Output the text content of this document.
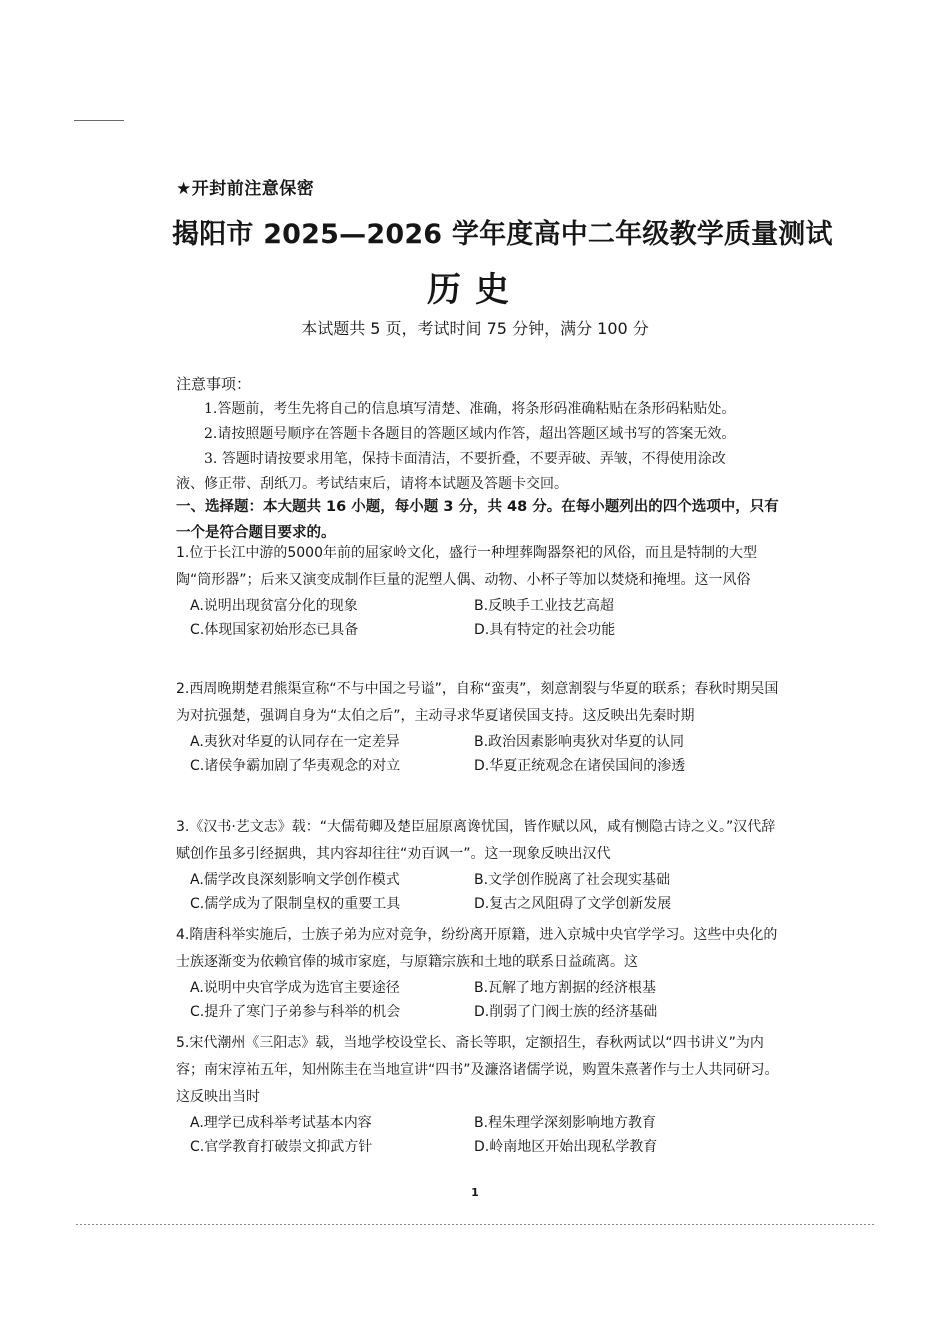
★开封前注意保密
揭阳市 2025—2026 学年度高中二年级教学质量测试
历史
本试题共 5 页，考试时间 75 分钟，满分 100 分
注意事项：
1.答题前，考生先将自己的信息填写清楚、准确，将条形码准确粘贴在条形码粘贴处。
2.请按照题号顺序在答题卡各题目的答题区域内作答，超出答题区域书写的答案无效。
3. 答题时请按要求用笔，保持卡面清洁，不要折叠，不要弄破、弄皱，不得使用涂改
液、修正带、刮纸刀。考试结束后，请将本试题及答题卡交回。
一、选择题：本大题共 16 小题，每小题 3 分，共 48 分。在每小题列出的四个选项中，只有一个是符合题目要求的。

1.位于长江中游的5000年前的屈家岭文化，盛行一种埋葬陶器祭祀的风俗，而且是特制的大型陶“筒形器”；后来又演变成制作巨量的泥塑人偶、动物、小杯子等加以焚烧和掩埋。这一风俗

A.说明出现贫富分化的现象	B.反映手工业技艺高超
C.体现国家初始形态已具备	D.具有特定的社会功能

2.西周晚期楚君熊渠宣称“不与中国之号谥”，自称“蛮夷”，刻意割裂与华夏的联系；春秋时期吴国为对抗强楚，强调自身为“太伯之后”，主动寻求华夏诸侯国支持。这反映出先秦时期

A.夷狄对华夏的认同存在一定差异	B.政治因素影响夷狄对华夏的认同
C.诸侯争霸加剧了华夷观念的对立	D.华夏正统观念在诸侯国间的渗透

3.《汉书·艺文志》载：“大儒荀卿及楚臣屈原离谗忧国，皆作赋以风，咸有恻隐古诗之义。”汉代辞赋创作虽多引经据典，其内容却往往“劝百讽一”。这一现象反映出汉代

A.儒学改良深刻影响文学创作模式	B.文学创作脱离了社会现实基础
C.儒学成为了限制皇权的重要工具	D.复古之风阻碍了文学创新发展

4.隋唐科举实施后，士族子弟为应对竞争，纷纷离开原籍，进入京城中央官学学习。这些中央化的士族逐渐变为依赖官俸的城市家庭，与原籍宗族和土地的联系日益疏离。这

A.说明中央官学成为选官主要途径	B.瓦解了地方割据的经济根基
C.提升了寒门子弟参与科举的机会	D.削弱了门阀士族的经济基础

5.宋代潮州《三阳志》载，当地学校设堂长、斋长等职，定额招生，春秋两试以“四书讲义”为内容；南宋淳祐五年，知州陈圭在当地宣讲“四书”及濂洛诸儒学说，购置朱熹著作与士人共同研习。这反映出当时

A.理学已成科举考试基本内容	B.程朱理学深刻影响地方教育
C.官学教育打破崇文抑武方针	D.岭南地区开始出现私学教育
1
